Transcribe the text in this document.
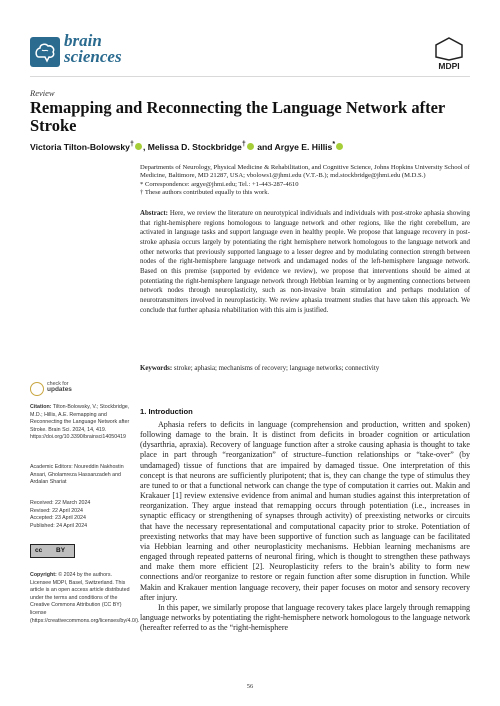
brain
sciences	MDPI
Review
Remapping and Reconnecting the Language Network after Stroke
Victoria Tilton-Bolowsky† , Melissa D. Stockbridge† and Argye E. Hillis*
Departments of Neurology, Physical Medicine & Rehabilitation, and Cognitive Science, Johns Hopkins University School of Medicine, Baltimore, MD 21287, USA; vbolows1@jhmi.edu (V.T.-B.); md.stockbridge@jhmi.edu (M.D.S.)
* Correspondence: argye@jhmi.edu; Tel.: +1-443-287-4610
† These authors contributed equally to this work.
Abstract: Here, we review the literature on neurotypical individuals and individuals with post-stroke aphasia showing that right-hemisphere regions homologous to language network and other regions, like the right cerebellum, are activated in language tasks and support language even in healthy people. We propose that language recovery in post-stroke aphasia occurs largely by potentiating the right hemisphere network homologous to the language network and other networks that previously supported language to a lesser degree and by modulating connection strength between nodes of the right-hemisphere language network and undamaged nodes of the left-hemisphere language network. Based on this premise (supported by evidence we review), we propose that interventions should be aimed at potentiating the right-hemisphere language network through Hebbian learning or by augmenting connections between network nodes through neuroplasticity, such as non-invasive brain stimulation and perhaps modulation of neurotransmitters involved in neuroplasticity. We review aphasia treatment studies that have taken this approach. We conclude that further aphasia rehabilitation with this aim is justified.
Keywords: stroke; aphasia; mechanisms of recovery; language networks; connectivity
check for
updates
Citation: Tilton-Bolowsky, V.; Stockbridge, M.D.; Hillis, A.E. Remapping and Reconnecting the Language Network after Stroke. Brain Sci. 2024, 14, 419. https://doi.org/10.3390/brainsci14050419
Academic Editors: Noureddin Nakhostin Ansari, Gholamreza Hassanzadeh and Ardalan Shariat
Received: 22 March 2024
Revised: 22 April 2024
Accepted: 23 April 2024
Published: 24 April 2024
cc BY
Copyright: © 2024 by the authors. Licensee MDPI, Basel, Switzerland. This article is an open access article distributed under the terms and conditions of the Creative Commons Attribution (CC BY) license (https://creativecommons.org/licenses/by/4.0/).
1. Introduction

Aphasia refers to deficits in language (comprehension and production, written and spoken) following damage to the brain. It is distinct from deficits in broader cognition or articulation (dysarthria, apraxia). Recovery of language function after a stroke causing aphasia is thought to take place in part through “reorganization” of structure–function relationships or “take-over” (by undamaged) tissue of functions that are impaired by damaged tissue. One interpretation of this concept is that neurons are sufficiently pluripotent; that is, they can change the type of stimulus they are tuned to or that a functional network can change the type of computation it carries out. Makin and Krakauer [1] review extensive evidence from animal and human studies against this interpretation of reorganization. They argue instead that remapping occurs through potentiation (i.e., increases in synaptic efficacy or strengthening of synapses through activity) of preexisting networks or circuits that have the necessary representational and computational capacity prior to stroke. Potentiation of preexisting networks that may have been supportive of function such as language can be facilitated via Hebbian learning and other neuroplasticity mechanisms. Hebbian learning mechanisms are engaged through repeated patterns of neuronal firing, which is thought to strengthen these pathways and make them more efficient [2]. Neuroplasticity refers to the brain’s ability to form new connections and/or reorganize to restore or regain function after some disruption in function. While Makin and Krakauer mention language recovery, their paper focuses on motor and sensory recovery after injury.

In this paper, we similarly propose that language recovery takes place largely through remapping language networks by potentiating the right-hemisphere network homologous to the language network (hereafter referred to as the “right-hemisphere

56
